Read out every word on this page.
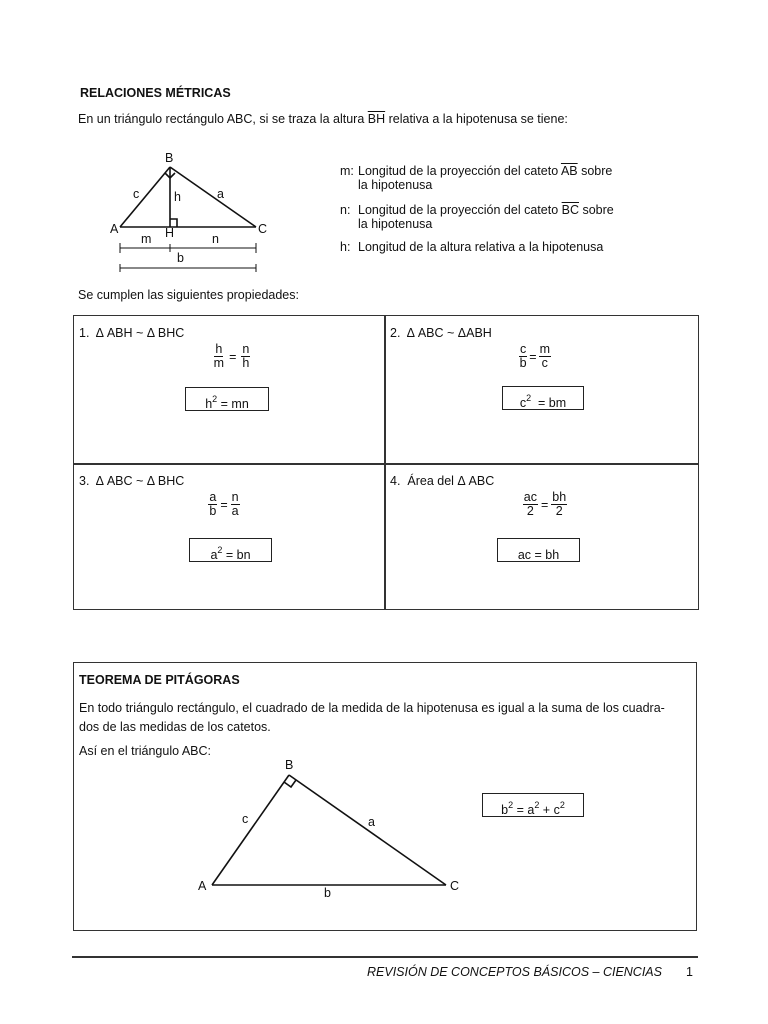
RELACIONES MÉTRICAS
En un triángulo rectángulo ABC, si se traza la altura $\overline{BH}$ relativa a la hipotenusa se tiene:
B
A	C
H
c	a
h
m	n
b
m: Longitud de la proyección del cateto $\overline{AB}$ sobre
la hipotenusa
n: Longitud de la proyección del cateto $\overline{BC}$ sobre
la hipotenusa
h: Longitud de la altura relativa a la hipotenusa
Se cumplen las siguientes propiedades:
1.  Δ ABH ~ Δ BHC
$\frac{h}{m} = \frac{n}{h}$
$h^2$ = mn
2.  Δ ABC ~ ΔABH
$\frac{c}{b} = \frac{m}{c}$
$c^2$  = bm
3.  Δ ABC ~ Δ BHC
$\frac{a}{b} = \frac{n}{a}$
$a^2$ = bn
4.  Área del Δ ABC
$\frac{ac}{2} = \frac{bh}{2}$
ac = bh
TEOREMA DE PITÁGORAS
En todo triángulo rectángulo, el cuadrado de la medida de la hipotenusa es igual a la suma de los cuadra-
dos de las medidas de los catetos.
Así en el triángulo ABC:
B
A	C
c	a
b
$b^2 = a^2 + c^2$
REVISIÓN DE CONCEPTOS BÁSICOS – CIENCIAS 1
